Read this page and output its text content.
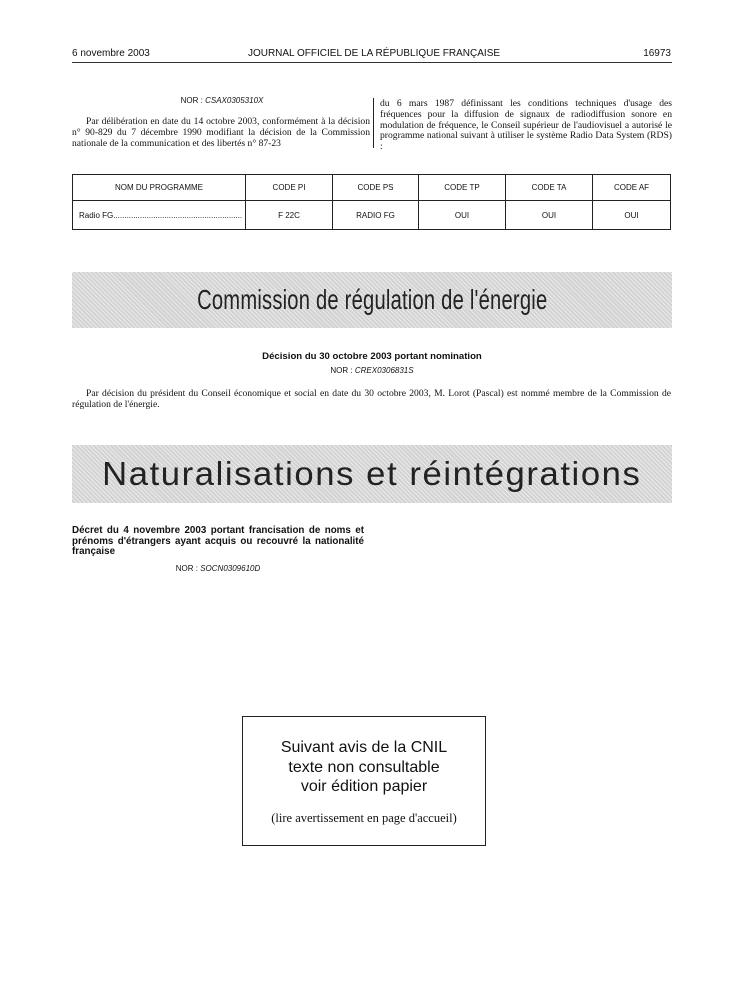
6 novembre 2003	JOURNAL OFFICIEL DE LA RÉPUBLIQUE FRANÇAISE	16973
NOR : CSAX0305310X
Par délibération en date du 14 octobre 2003, conformément à la décision n° 90-829 du 7 décembre 1990 modifiant la décision de la Commission nationale de la communication et des libertés n° 87-23
du 6 mars 1987 définissant les conditions techniques d'usage des fréquences pour la diffusion de signaux de radiodiffusion sonore en modulation de fréquence, le Conseil supérieur de l'audiovisuel a autorisé le programme national suivant à utiliser le système Radio Data System (RDS) :
NOM DU PROGRAMME	CODE PI	CODE PS	CODE TP	CODE TA	CODE AF
Radio FG..........................................................	F 22C	RADIO FG	OUI	OUI	OUI
Commission de régulation de l'énergie
Décision du 30 octobre 2003 portant nomination
NOR : CREX0306831S
Par décision du président du Conseil économique et social en date du 30 octobre 2003, M. Lorot (Pascal) est nommé membre de la Commission de régulation de l'énergie.
Naturalisations et réintégrations
Décret du 4 novembre 2003 portant francisation de noms et prénoms d'étrangers ayant acquis ou recouvré la nationalité française
NOR : SOCN0309610D
Suivant avis de la CNIL
texte non consultable
voir édition papier
(lire avertissement en page d'accueil)
